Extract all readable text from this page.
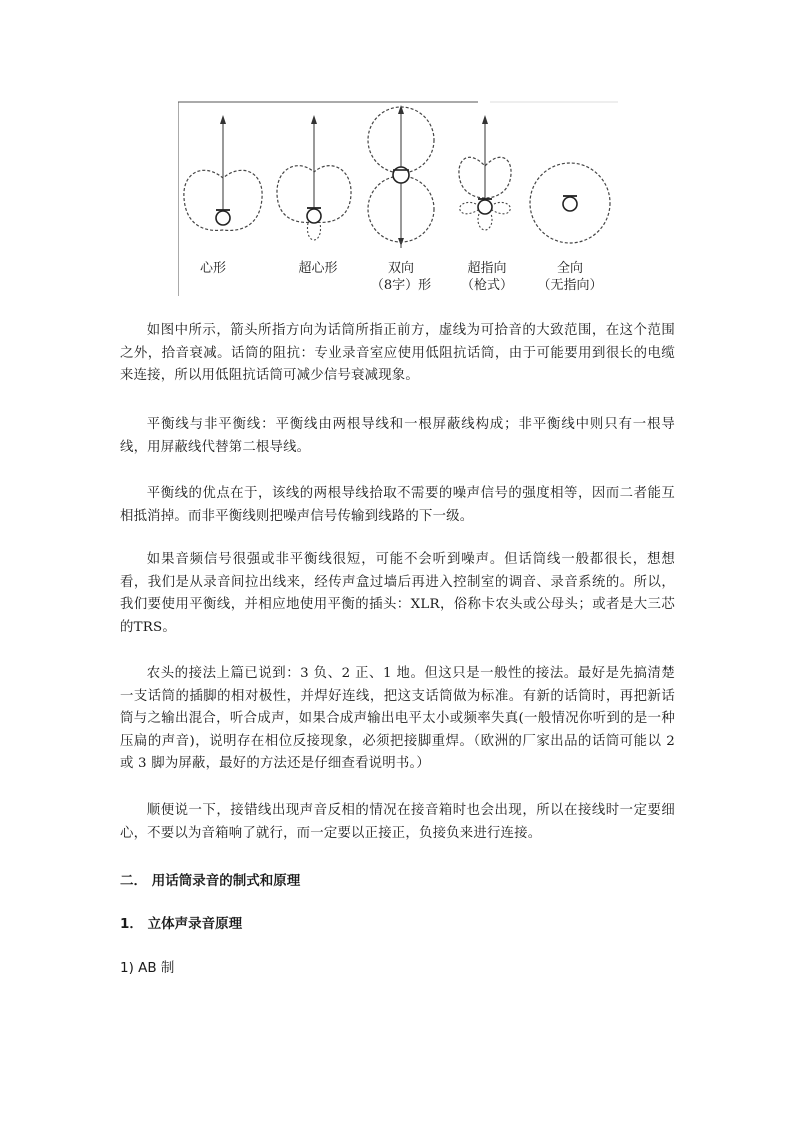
心形	超心形	双向
（8字）形
超指向
（枪式）
全向
（无指向）

如图中所示，箭头所指方向为话筒所指正前方，虚线为可拾音的大致范围，在这个范围之外，拾音衰减。话筒的阻抗：专业录音室应使用低阻抗话筒，由于可能要用到很长的电缆来连接，所以用低阻抗话筒可减少信号衰减现象。

平衡线与非平衡线：平衡线由两根导线和一根屏蔽线构成；非平衡线中则只有一根导线，用屏蔽线代替第二根导线。

平衡线的优点在于，该线的两根导线拾取不需要的噪声信号的强度相等，因而二者能互相抵消掉。而非平衡线则把噪声信号传输到线路的下一级。

如果音频信号很强或非平衡线很短，可能不会听到噪声。但话筒线一般都很长，想想看，我们是从录音间拉出线来，经传声盒过墙后再进入控制室的调音、录音系统的。所以，我们要使用平衡线，并相应地使用平衡的插头：XLR，俗称卡农头或公母头；或者是大三芯的TRS。

农头的接法上篇已说到：3 负、2 正、1 地。但这只是一般性的接法。最好是先搞清楚一支话筒的插脚的相对极性，并焊好连线，把这支话筒做为标准。有新的话筒时，再把新话筒与之输出混合，听合成声，如果合成声输出电平太小或频率失真(一般情况你听到的是一种压扁的声音)，说明存在相位反接现象，必须把接脚重焊。（欧洲的厂家出品的话筒可能以 2 或 3 脚为屏蔽，最好的方法还是仔细查看说明书。）

顺便说一下，接错线出现声音反相的情况在接音箱时也会出现，所以在接线时一定要细心，不要以为音箱响了就行，而一定要以正接正，负接负来进行连接。

二． 用话筒录音的制式和原理
1． 立体声录音原理
1) AB 制
